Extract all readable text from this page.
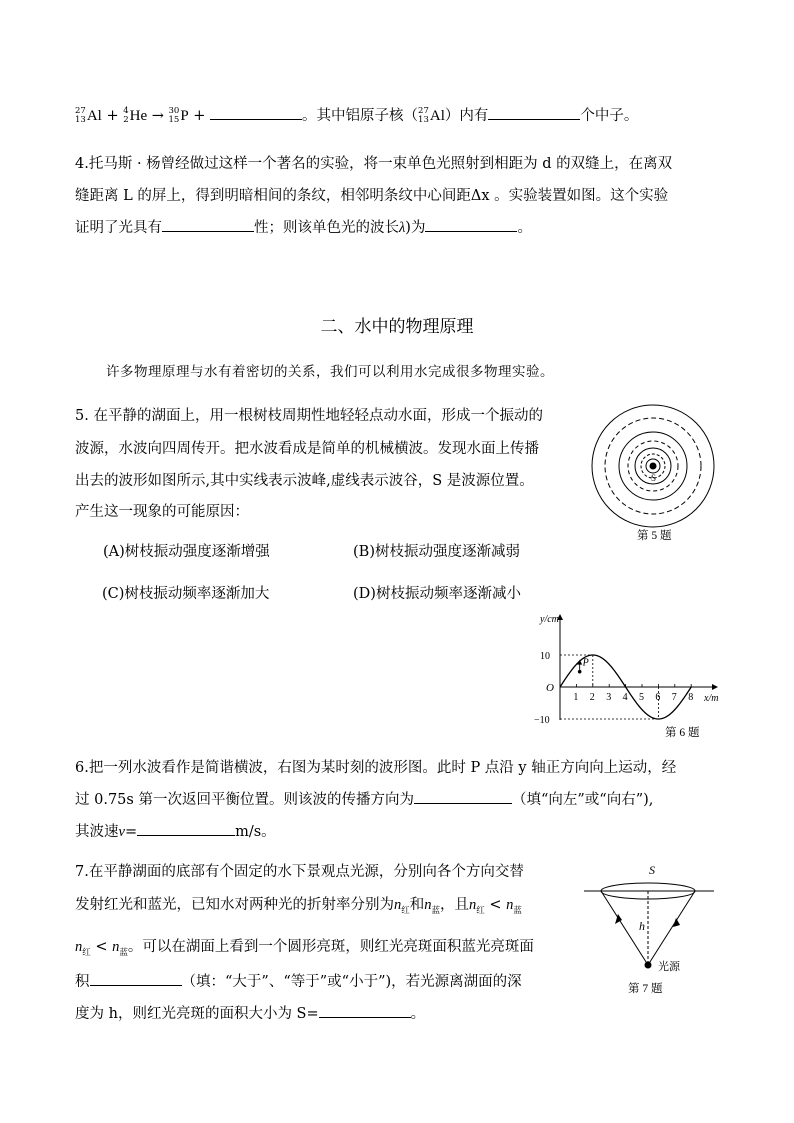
27
13 Al + 4
2 He → 30
15 P +	。其中铝原子核（ 27
13 Al ）内有	个中子。
4.托马斯 · 杨曾经做过这样一个著名的实验，将一束单色光照射到相距为 d 的双缝上，在离双
缝距离 L 的屏上，得到明暗相间的条纹，相邻明条纹中心间距Δx 。实验装置如图。这个实验
证明了光具有	性；则该单色光的波长λ)为	。
二、水中的物理原理
许多物理原理与水有着密切的关系，我们可以利用水完成很多物理实验。
5. 在平静的湖面上，用一根树枝周期性地轻轻点动水面，形成一个振动的
波源，水波向四周传开。把水波看成是简单的机械横波。发现水面上传播
出去的波形如图所示,其中实线表示波峰,虚线表示波谷，S 是波源位置。
产生这一现象的可能原因：
(A)树枝振动强度逐渐增强	(B)树枝振动强度逐渐减弱
(C)树枝振动频率逐渐加大	(D)树枝振动频率逐渐减小
S
第 5 题
y/cm
x/m
O
10
−10
1 2 3 4 5 6 7 8
P
第 6 题
6.把一列水波看作是简谐横波，右图为某时刻的波形图。此时 P 点沿 y 轴正方向向上运动，经
过 0.75s 第一次返回平衡位置。则该波的传播方向为	（填“向左”或“向右”),
其波速v=	m/s。
7.在平静湖面的底部有个固定的水下景观点光源，分别向各个方向交替
发射红光和蓝光，已知水对两种光的折射率分别为$n_红$和$n_蓝$，且$n_红 < n_蓝$
$n_红 < n_蓝$。可以在湖面上看到一个圆形亮斑，则红光亮斑面积蓝光亮斑面
积	（填：“大于”、“等于”或“小于”)，若光源离湖面的深
度为 h，则红光亮斑的面积大小为 S=	。
S
h
光源
第 7 题
